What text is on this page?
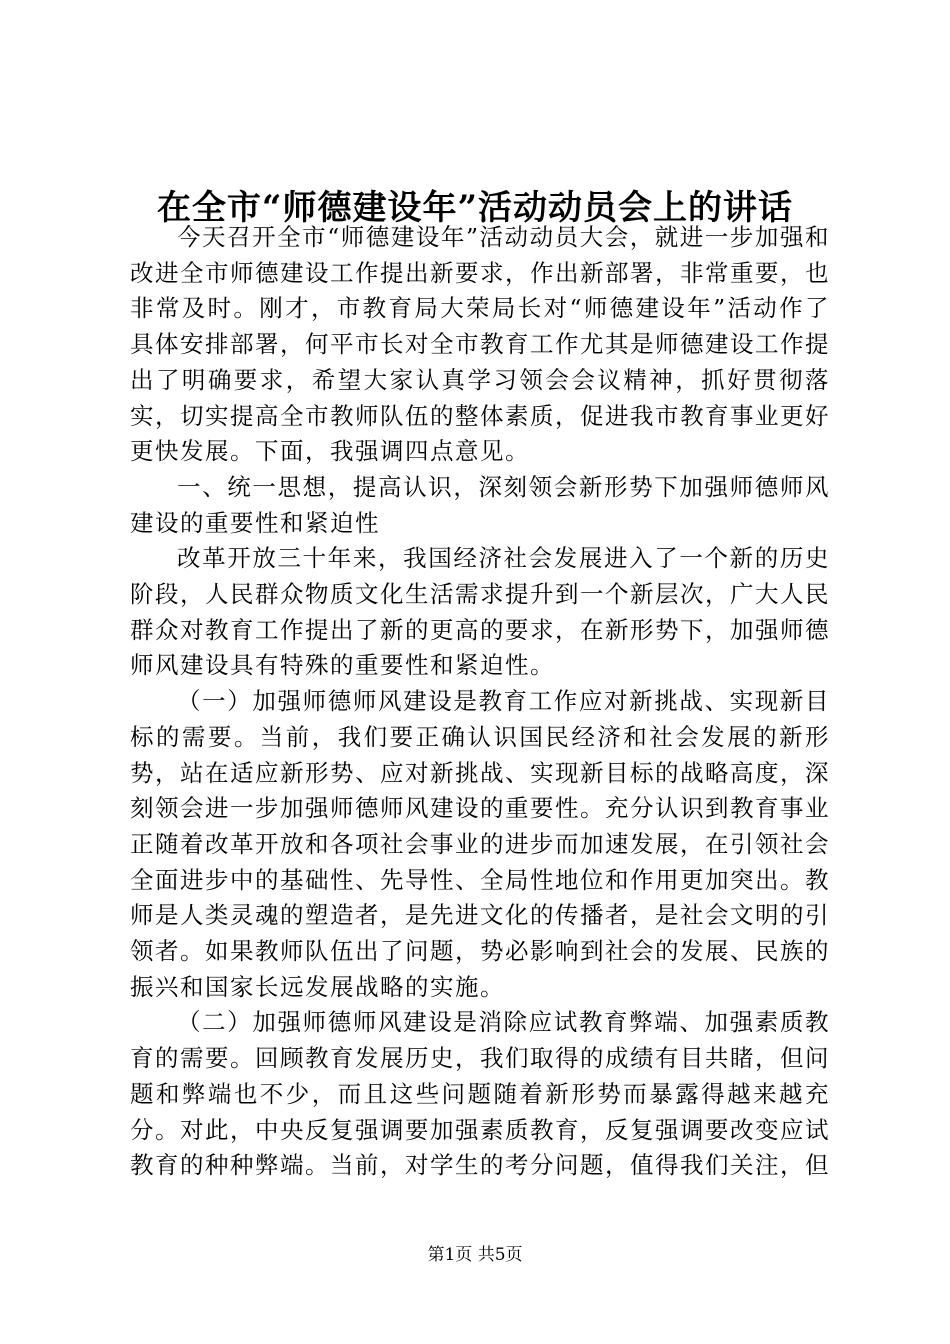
在全市“师德建设年”活动动员会上的讲话

今天召开全市“师德建设年”活动动员大会，就进一步加强和改进全市师德建设工作提出新要求，作出新部署，非常重要，也非常及时。刚才，市教育局大荣局长对“师德建设年”活动作了具体安排部署，何平市长对全市教育工作尤其是师德建设工作提出了明确要求，希望大家认真学习领会会议精神，抓好贯彻落实，切实提高全市教师队伍的整体素质，促进我市教育事业更好更快发展。下面，我强调四点意见。

一、统一思想，提高认识，深刻领会新形势下加强师德师风建设的重要性和紧迫性

改革开放三十年来，我国经济社会发展进入了一个新的历史阶段，人民群众物质文化生活需求提升到一个新层次，广大人民群众对教育工作提出了新的更高的要求，在新形势下，加强师德师风建设具有特殊的重要性和紧迫性。

（一）加强师德师风建设是教育工作应对新挑战、实现新目标的需要。当前，我们要正确认识国民经济和社会发展的新形势，站在适应新形势、应对新挑战、实现新目标的战略高度，深刻领会进一步加强师德师风建设的重要性。充分认识到教育事业正随着改革开放和各项社会事业的进步而加速发展，在引领社会全面进步中的基础性、先导性、全局性地位和作用更加突出。教师是人类灵魂的塑造者，是先进文化的传播者，是社会文明的引领者。如果教师队伍出了问题，势必影响到社会的发展、民族的振兴和国家长远发展战略的实施。

（二）加强师德师风建设是消除应试教育弊端、加强素质教育的需要。回顾教育发展历史，我们取得的成绩有目共睹，但问题和弊端也不少，而且这些问题随着新形势而暴露得越来越充分。对此，中央反复强调要加强素质教育，反复强调要改变应试教育的种种弊端。当前，对学生的考分问题，值得我们关注，但

第1页 共5页
